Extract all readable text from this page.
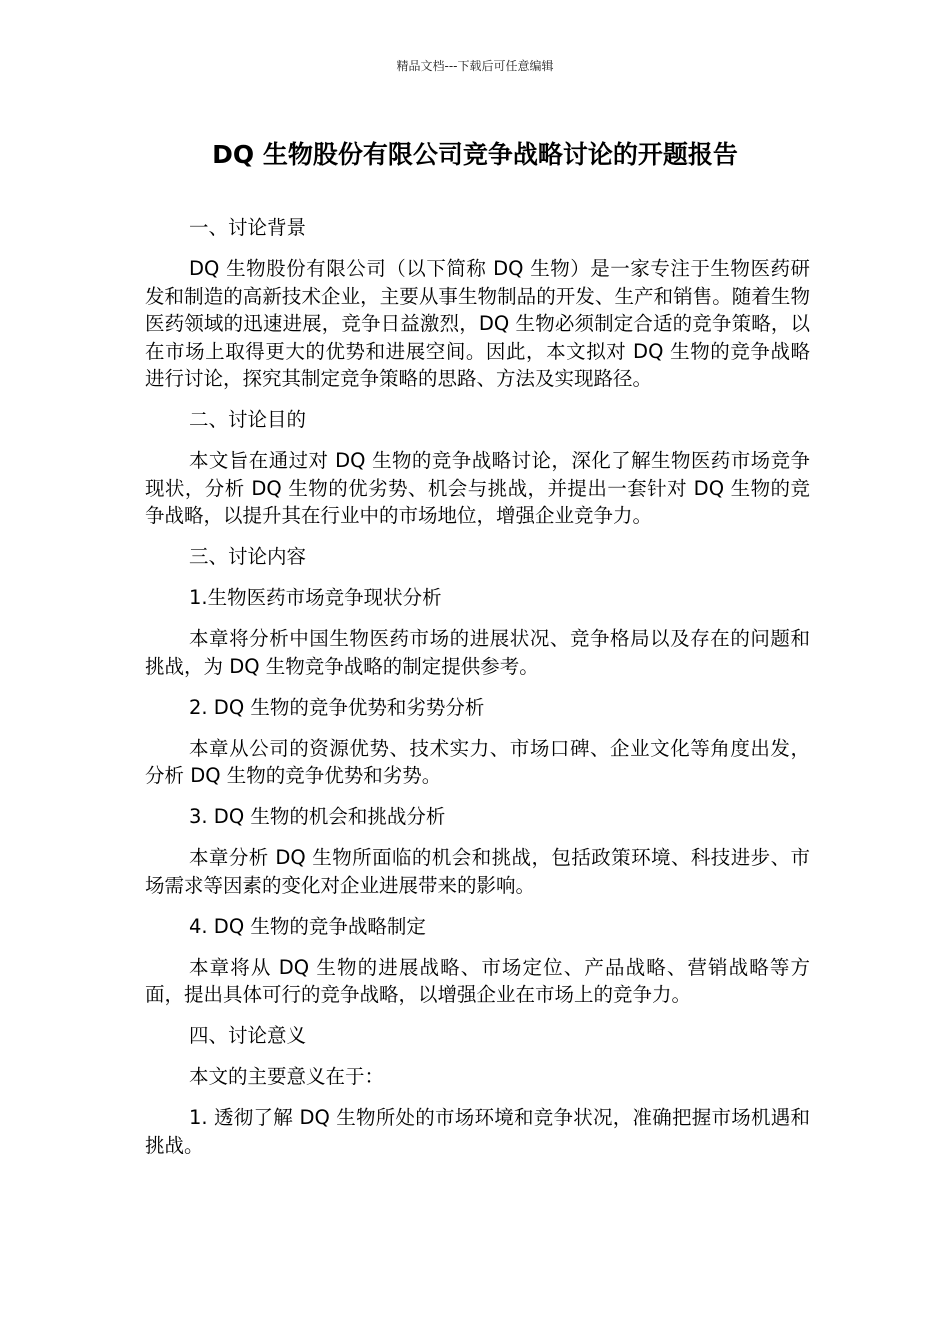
精品文档---下载后可任意编辑
DQ 生物股份有限公司竞争战略讨论的开题报告

一、讨论背景

DQ 生物股份有限公司（以下简称 DQ 生物）是一家专注于生物医药研发和制造的高新技术企业，主要从事生物制品的开发、生产和销售。随着生物医药领域的迅速进展，竞争日益激烈，DQ 生物必须制定合适的竞争策略，以在市场上取得更大的优势和进展空间。因此，本文拟对 DQ 生物的竞争战略进行讨论，探究其制定竞争策略的思路、方法及实现路径。

二、讨论目的

本文旨在通过对 DQ 生物的竞争战略讨论，深化了解生物医药市场竞争现状，分析 DQ 生物的优劣势、机会与挑战，并提出一套针对 DQ 生物的竞争战略，以提升其在行业中的市场地位，增强企业竞争力。

三、讨论内容

1.生物医药市场竞争现状分析

本章将分析中国生物医药市场的进展状况、竞争格局以及存在的问题和挑战，为 DQ 生物竞争战略的制定提供参考。

2. DQ 生物的竞争优势和劣势分析

本章从公司的资源优势、技术实力、市场口碑、企业文化等角度出发，分析 DQ 生物的竞争优势和劣势。

3. DQ 生物的机会和挑战分析

本章分析 DQ 生物所面临的机会和挑战，包括政策环境、科技进步、市场需求等因素的变化对企业进展带来的影响。

4. DQ 生物的竞争战略制定

本章将从 DQ 生物的进展战略、市场定位、产品战略、营销战略等方面，提出具体可行的竞争战略，以增强企业在市场上的竞争力。

四、讨论意义

本文的主要意义在于：

1. 透彻了解 DQ 生物所处的市场环境和竞争状况，准确把握市场机遇和挑战。
